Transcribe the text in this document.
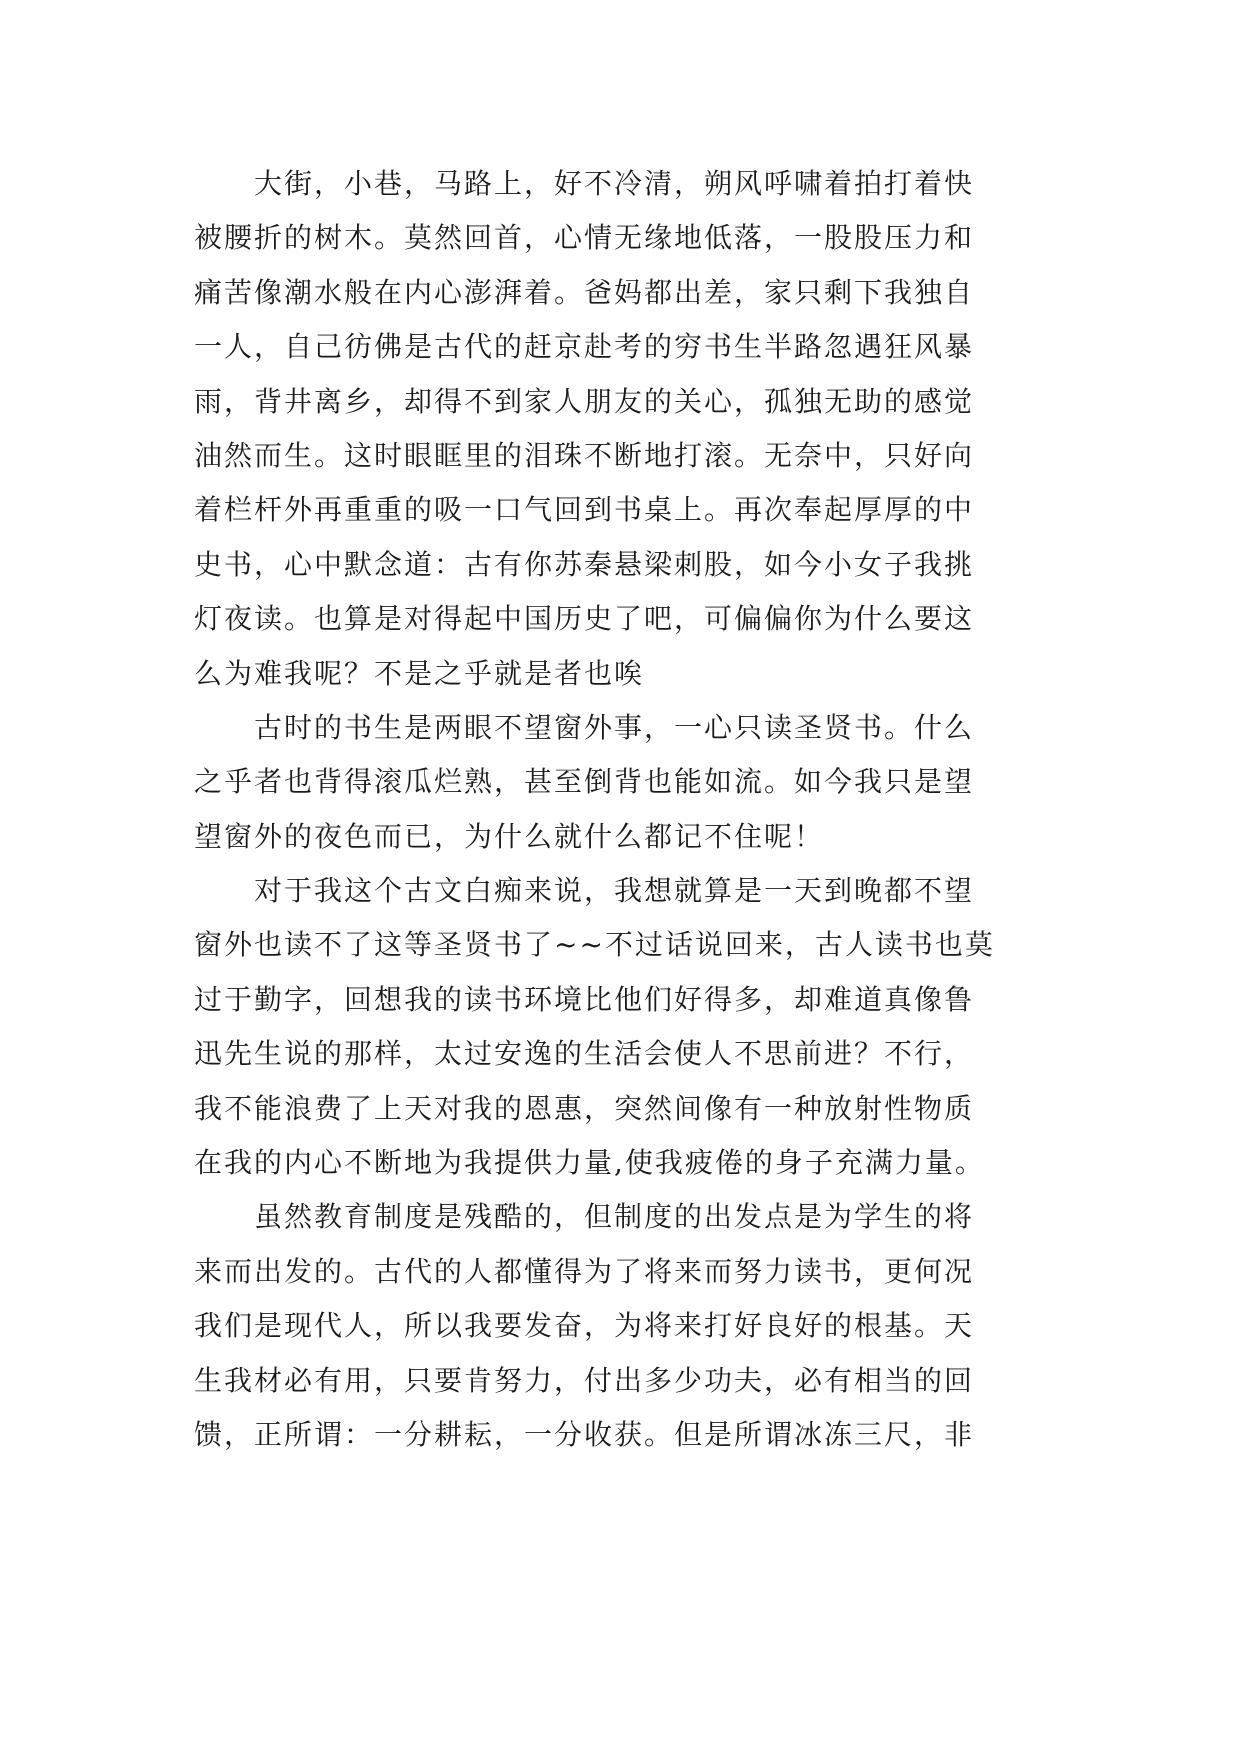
　　大街，小巷，马路上，好不冷清，朔风呼啸着拍打着快
被腰折的树木。莫然回首，心情无缘地低落，一股股压力和
痛苦像潮水般在内心澎湃着。爸妈都出差，家只剩下我独自
一人，自己彷佛是古代的赶京赴考的穷书生半路忽遇狂风暴
雨，背井离乡，却得不到家人朋友的关心，孤独无助的感觉
油然而生。这时眼眶里的泪珠不断地打滚。无奈中，只好向
着栏杆外再重重的吸一口气回到书桌上。再次奉起厚厚的中
史书，心中默念道：古有你苏秦悬梁刺股，如今小女子我挑
灯夜读。也算是对得起中国历史了吧，可偏偏你为什么要这
么为难我呢？不是之乎就是者也唉
　　古时的书生是两眼不望窗外事，一心只读圣贤书。什么
之乎者也背得滚瓜烂熟，甚至倒背也能如流。如今我只是望
望窗外的夜色而已，为什么就什么都记不住呢！
　　对于我这个古文白痴来说，我想就算是一天到晚都不望
窗外也读不了这等圣贤书了~~不过话说回来，古人读书也莫
过于勤字，回想我的读书环境比他们好得多，却难道真像鲁
迅先生说的那样，太过安逸的生活会使人不思前进？不行，
我不能浪费了上天对我的恩惠，突然间像有一种放射性物质
在我的内心不断地为我提供力量,使我疲倦的身子充满力量。
　　虽然教育制度是残酷的，但制度的出发点是为学生的将
来而出发的。古代的人都懂得为了将来而努力读书，更何况
我们是现代人，所以我要发奋，为将来打好良好的根基。天
生我材必有用，只要肯努力，付出多少功夫，必有相当的回
馈，正所谓：一分耕耘，一分收获。但是所谓冰冻三尺，非
